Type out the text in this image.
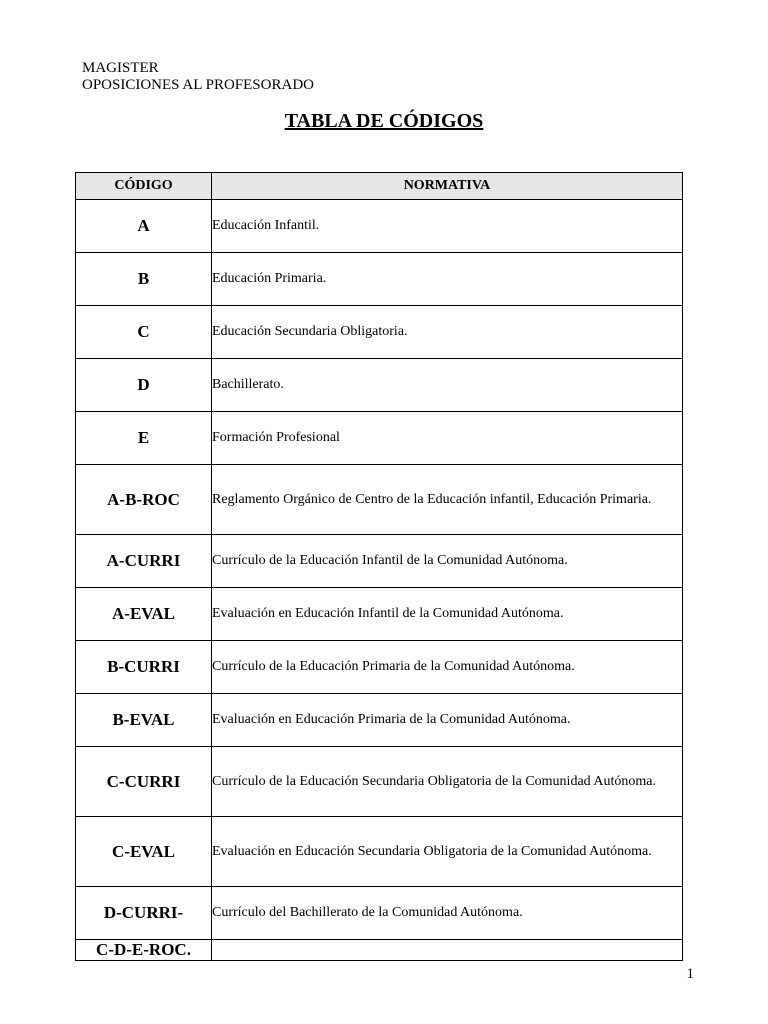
MAGISTER
OPOSICIONES AL PROFESORADO
TABLA DE CÓDIGOS
CÓDIGO	NORMATIVA
A	Educación Infantil.
B	Educación Primaria.
C	Educación Secundaria Obligatoria.
D	Bachillerato.
E	Formación Profesional
A-B-ROC	Reglamento Orgánico de Centro de la Educación infantil, Educación Primaria.
A-CURRI	Currículo de la Educación Infantil de la Comunidad Autónoma.
A-EVAL	Evaluación en Educación Infantil de la Comunidad Autónoma.
B-CURRI	Currículo de la Educación Primaria de la Comunidad Autónoma.
B-EVAL	Evaluación en Educación Primaria de la Comunidad Autónoma.
C-CURRI	Currículo de la Educación Secundaria Obligatoria de la Comunidad Autónoma.
C-EVAL	Evaluación en Educación Secundaria Obligatoria de la Comunidad Autónoma.
D-CURRI-	Currículo del Bachillerato de la Comunidad Autónoma.
C-D-E-ROC.	
1
